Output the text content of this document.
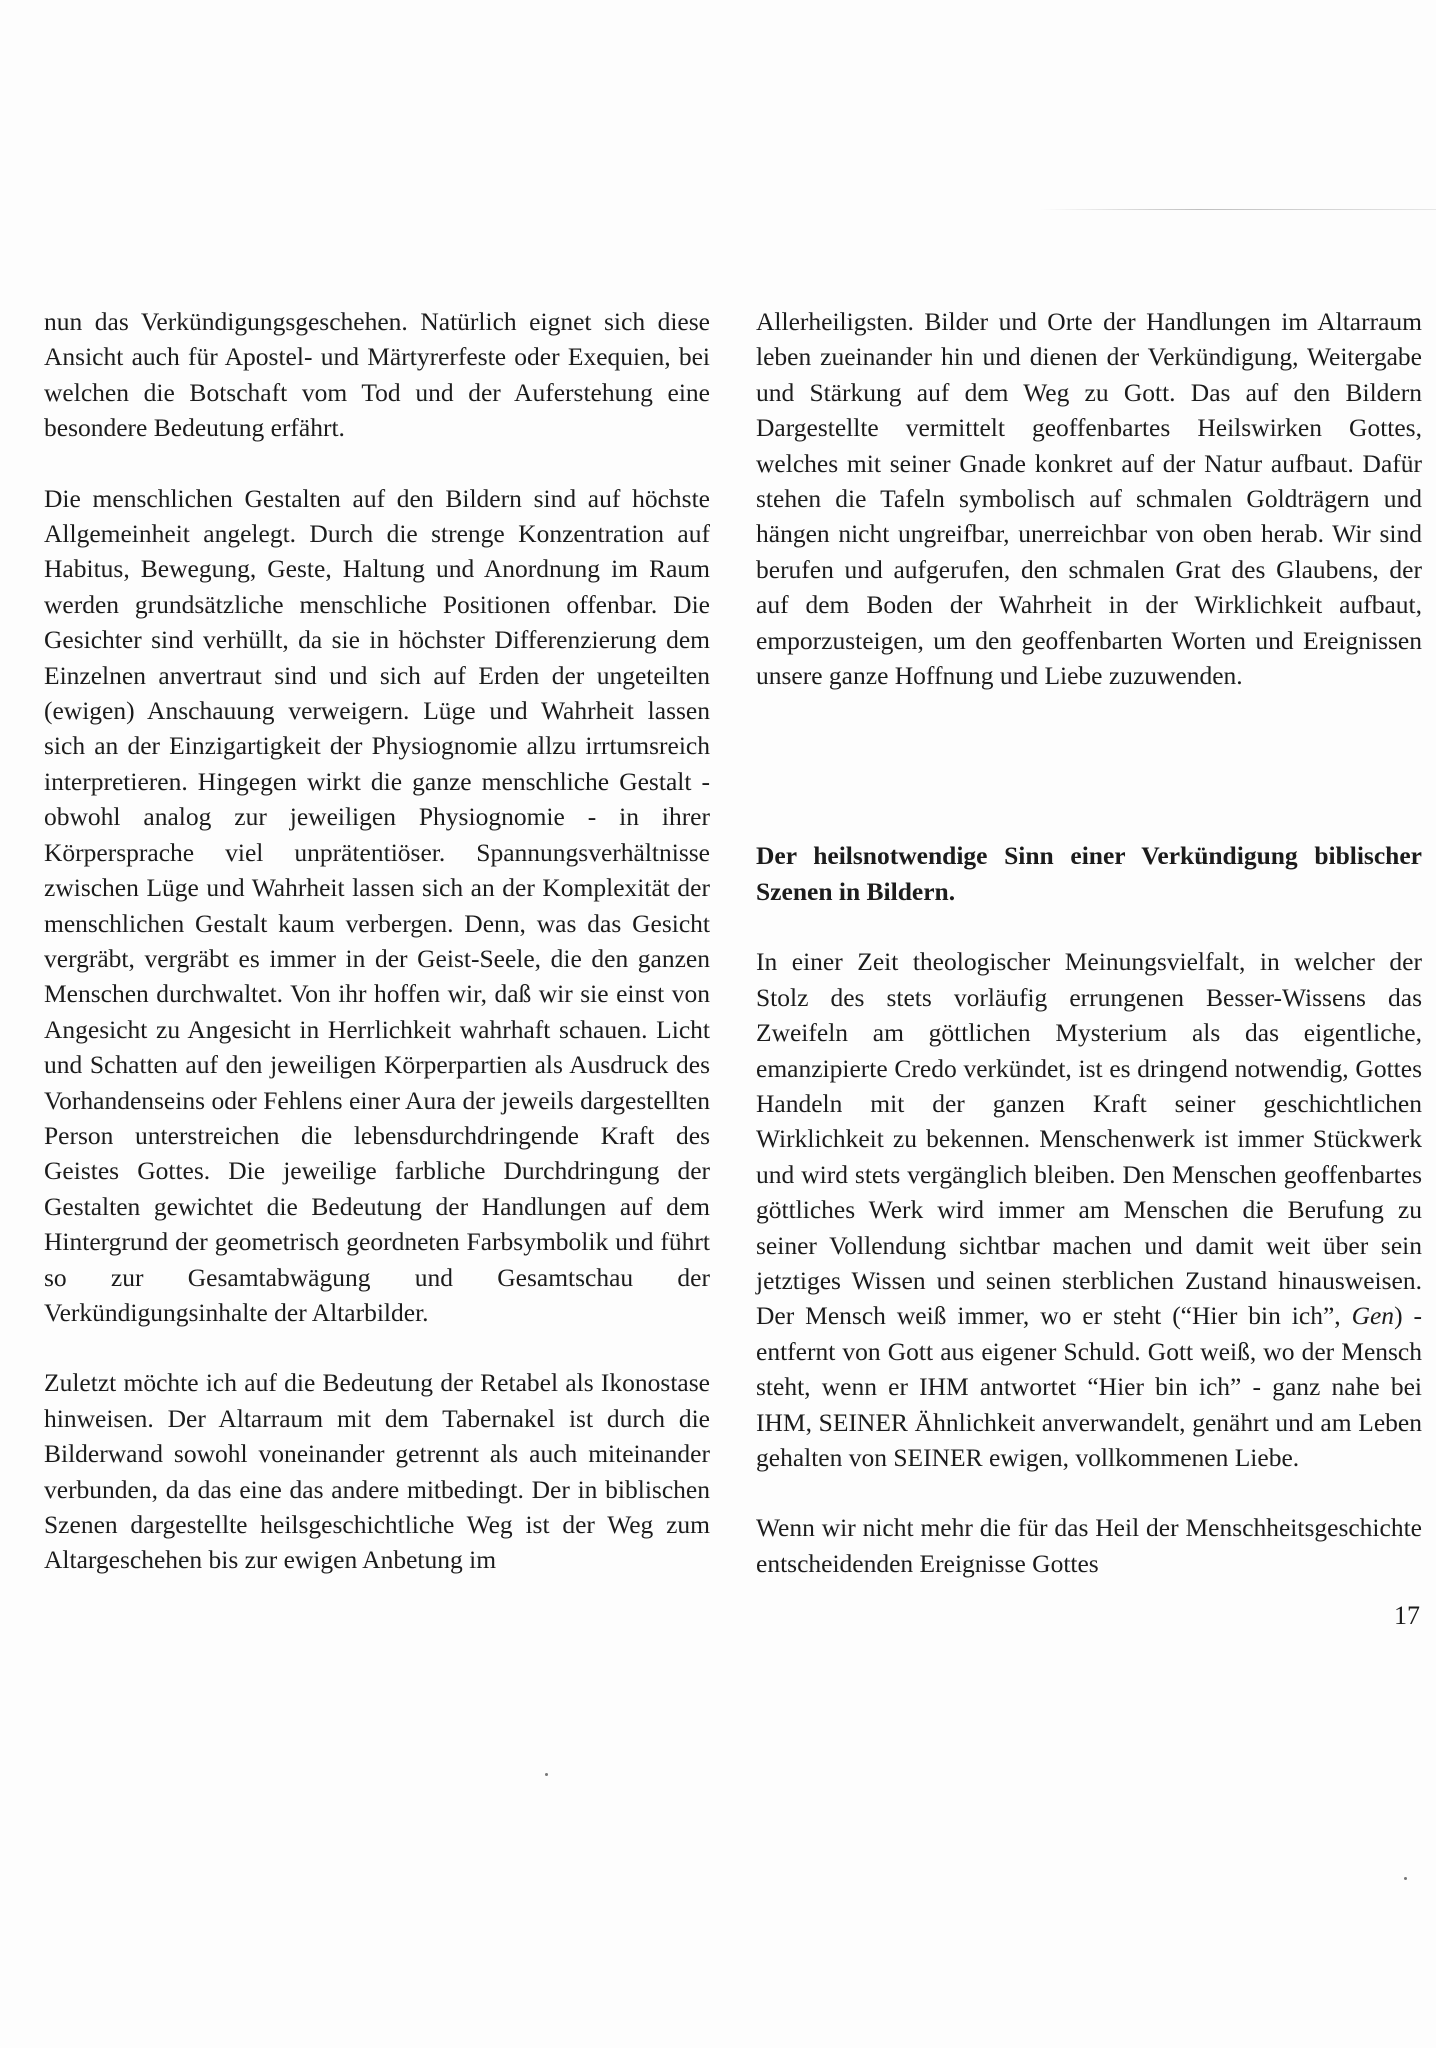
nun das Verkündigungsgeschehen. Natürlich eignet sich diese Ansicht auch für Apostel- und Märtyrerfeste oder Exequien, bei welchen die Botschaft vom Tod und der Auferstehung eine besondere Bedeutung erfährt.

Die menschlichen Gestalten auf den Bildern sind auf höchste Allgemeinheit angelegt. Durch die strenge Konzentration auf Habitus, Bewegung, Geste, Haltung und Anordnung im Raum werden grundsätzliche menschliche Positionen offenbar. Die Gesichter sind verhüllt, da sie in höchster Differenzierung dem Einzelnen anvertraut sind und sich auf Erden der ungeteilten (ewigen) Anschauung verweigern. Lüge und Wahrheit lassen sich an der Einzigartigkeit der Physiognomie allzu irrtumsreich interpretieren. Hingegen wirkt die ganze menschliche Gestalt - obwohl analog zur jeweiligen Physiognomie - in ihrer Körpersprache viel unprätentiöser. Spannungsverhältnisse zwischen Lüge und Wahrheit lassen sich an der Komplexität der menschlichen Gestalt kaum verbergen. Denn, was das Gesicht vergräbt, vergräbt es immer in der Geist-Seele, die den ganzen Menschen durchwaltet. Von ihr hoffen wir, daß wir sie einst von Angesicht zu Angesicht in Herrlichkeit wahrhaft schauen. Licht und Schatten auf den jeweiligen Körperpartien als Ausdruck des Vorhandenseins oder Fehlens einer Aura der jeweils dargestellten Person unterstreichen die lebensdurchdringende Kraft des Geistes Gottes. Die jeweilige farbliche Durchdringung der Gestalten gewichtet die Bedeutung der Handlungen auf dem Hintergrund der geometrisch geordneten Farbsymbolik und führt so zur Gesamtabwägung und Gesamtschau der Verkündigungsinhalte der Altarbilder.

Zuletzt möchte ich auf die Bedeutung der Retabel als Ikonostase hinweisen. Der Altarraum mit dem Tabernakel ist durch die Bilderwand sowohl voneinander getrennt als auch miteinander verbunden, da das eine das andere mitbedingt. Der in biblischen Szenen dargestellte heilsgeschichtliche Weg ist der Weg zum Altargeschehen bis zur ewigen Anbetung im

Allerheiligsten. Bilder und Orte der Handlungen im Altarraum leben zueinander hin und dienen der Verkündigung, Weitergabe und Stärkung auf dem Weg zu Gott. Das auf den Bildern Dargestellte vermittelt geoffenbartes Heilswirken Gottes, welches mit seiner Gnade konkret auf der Natur aufbaut. Dafür stehen die Tafeln symbolisch auf schmalen Goldträgern und hängen nicht ungreifbar, unerreichbar von oben herab. Wir sind berufen und aufgerufen, den schmalen Grat des Glaubens, der auf dem Boden der Wahrheit in der Wirklichkeit aufbaut, emporzusteigen, um den geoffenbarten Worten und Ereignissen unsere ganze Hoffnung und Liebe zuzuwenden.

Der heilsnotwendige Sinn einer Verkündigung biblischer Szenen in Bildern.

In einer Zeit theologischer Meinungsvielfalt, in welcher der Stolz des stets vorläufig errungenen Besser-Wissens das Zweifeln am göttlichen Mysterium als das eigentliche, emanzipierte Credo verkündet, ist es dringend notwendig, Gottes Handeln mit der ganzen Kraft seiner geschichtlichen Wirklichkeit zu bekennen. Menschenwerk ist immer Stückwerk und wird stets vergänglich bleiben. Den Menschen geoffenbartes göttliches Werk wird immer am Menschen die Berufung zu seiner Vollendung sichtbar machen und damit weit über sein jetztiges Wissen und seinen sterblichen Zustand hinausweisen. Der Mensch weiß immer, wo er steht (“Hier bin ich”, Gen) - entfernt von Gott aus eigener Schuld. Gott weiß, wo der Mensch steht, wenn er IHM antwortet “Hier bin ich” - ganz nahe bei IHM, SEINER Ähnlichkeit anverwandelt, genährt und am Leben gehalten von SEINER ewigen, vollkommenen Liebe.

Wenn wir nicht mehr die für das Heil der Menschheitsgeschichte entscheidenden Ereignisse Gottes

17
